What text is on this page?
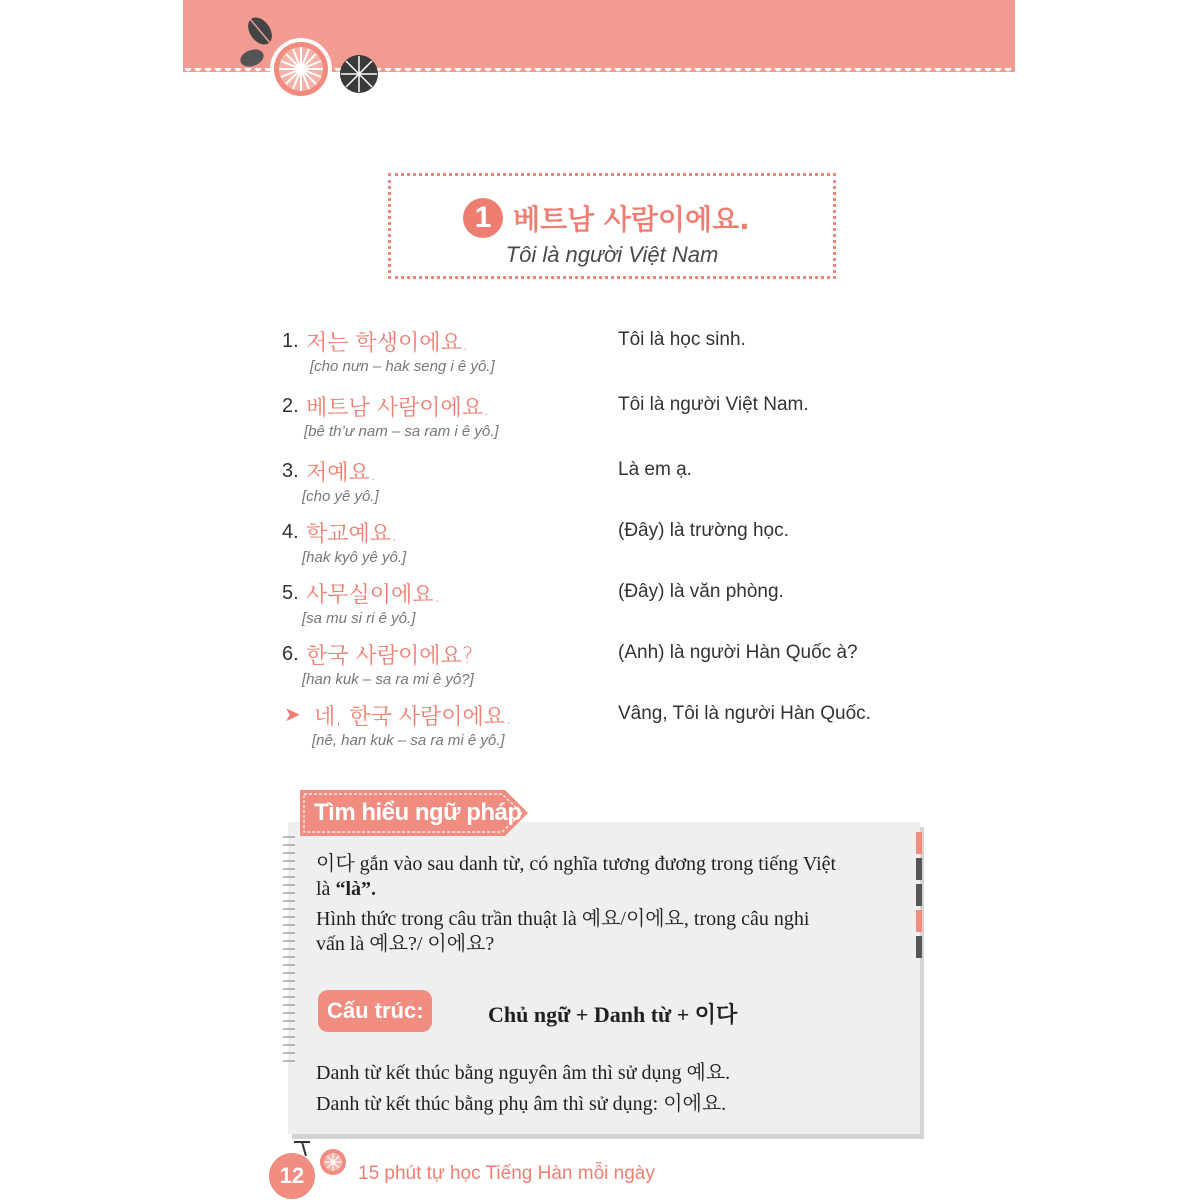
1 베트남 사람이에요.
Tôi là người Việt Nam
1. 저는 학생이에요.
[cho nưn – hak seng i ê yô.]
Tôi là học sinh.
2. 베트남 사람이에요.
[bê th’ư nam – sa ram i ê yô.]
Tôi là người Việt Nam.
3. 저예요.
[cho yê yô.]
Là em ạ.
4. 학교예요.
[hak kyô yê yô.]
(Đây) là trường học.
5. 사무실이에요.
[sa mu si ri ê yô.]
(Đây) là văn phòng.
6. 한국 사람이에요?
[han kuk – sa ra mi ê yô?]
(Anh) là người Hàn Quốc à?
➤ 네, 한국 사람이에요.
[nê, han kuk – sa ra mi ê yô.]
Vâng, Tôi là người Hàn Quốc.
Tìm hiểu ngữ pháp
이다 gắn vào sau danh từ, có nghĩa tương đương trong tiếng Việt
là “là”.
Hình thức trong câu trần thuật là 예요/이에요, trong câu nghi
vấn là 예요?/ 이에요?
Cấu trúc:	Chủ ngữ + Danh từ + 이다
Danh từ kết thúc bằng nguyên âm thì sử dụng 예요.
Danh từ kết thúc bằng phụ âm thì sử dụng: 이에요.
12	15 phút tự học Tiếng Hàn mỗi ngày
